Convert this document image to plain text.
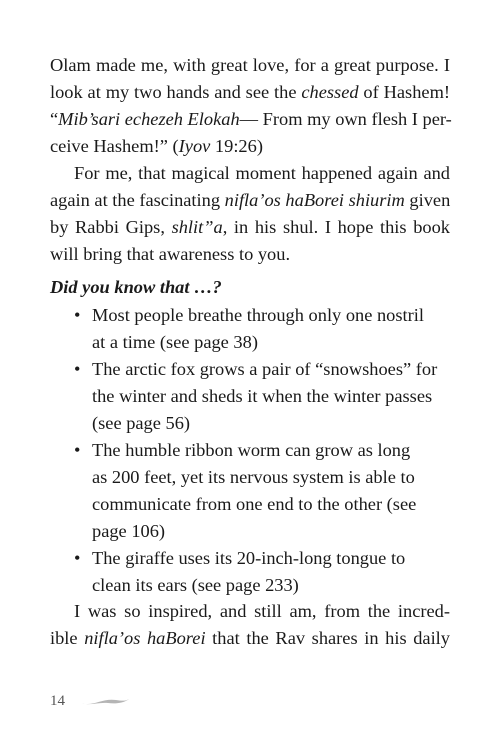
Olam made me, with great love, for a great purpose. I
look at my two hands and see the chessed of Hashem!
“Mib’sari echezeh Elokah— From my own flesh I per-
ceive Hashem!” (Iyov 19:26)
For me, that magical moment happened again and
again at the fascinating nifla’os haBorei shiurim given
by Rabbi Gips, shlit”a, in his shul. I hope this book
will bring that awareness to you.
Did you know that …?
• Most people breathe through only one nostril
at a time (see page 38)
• The arctic fox grows a pair of “snowshoes” for
the winter and sheds it when the winter passes
(see page 56)
• The humble ribbon worm can grow as long
as 200 feet, yet its nervous system is able to
communicate from one end to the other (see
page 106)
• The giraffe uses its 20-inch-long tongue to
clean its ears (see page 233)
I was so inspired, and still am, from the incred-
ible nifla’os haBorei that the Rav shares in his daily
14
